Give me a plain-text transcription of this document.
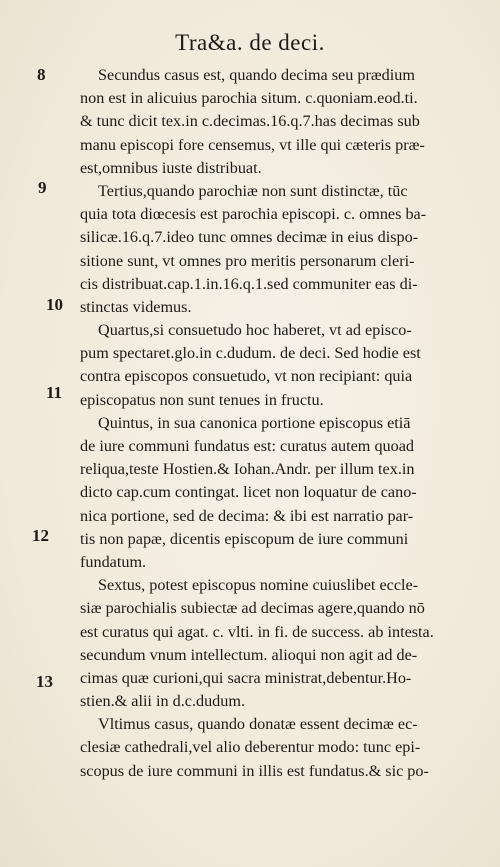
Tra&a. de deci.
8
9
10
11
12
13
Secundus casus est, quando decima seu prædium
non est in alicuius parochia situm. c.quoniam.eod.ti.
& tunc dicit tex.in c.decimas.16.q.7.has decimas sub
manu episcopi fore censemus, vt ille qui cæteris præ-
est,omnibus iuste distribuat.
Tertius,quando parochiæ non sunt distinctæ, tūc
quia tota diœcesis est parochia episcopi. c. omnes ba-
silicæ.16.q.7.ideo tunc omnes decimæ in eius dispo-
sitione sunt, vt omnes pro meritis personarum cleri-
cis distribuat.cap.1.in.16.q.1.sed communiter eas di-
stinctas videmus.
Quartus,si consuetudo hoc haberet, vt ad episco-
pum spectaret.glo.in c.dudum. de deci. Sed hodie est
contra episcopos consuetudo, vt non recipiant: quia
episcopatus non sunt tenues in fructu.
Quintus, in sua canonica portione episcopus etiā
de iure communi fundatus est: curatus autem quoad
reliqua,teste Hostien.& Iohan.Andr. per illum tex.in
dicto cap.cum contingat. licet non loquatur de cano-
nica portione, sed de decima: & ibi est narratio par-
tis non papæ, dicentis episcopum de iure communi
fundatum.
Sextus, potest episcopus nomine cuiuslibet eccle-
siæ parochialis subiectæ ad decimas agere,quando nō
est curatus qui agat. c. vlti. in fi. de success. ab intesta.
secundum vnum intellectum. alioqui non agit ad de-
cimas quæ curioni,qui sacra ministrat,debentur.Ho-
stien.& alii in d.c.dudum.
Vltimus casus, quando donatæ essent decimæ ec-
clesiæ cathedrali,vel alio deberentur modo: tunc epi-
scopus de iure communi in illis est fundatus.& sic po-
